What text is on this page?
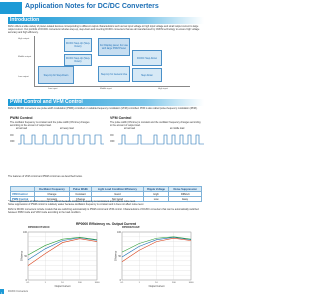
Application Notes for DC/DC Converters
Introduction
Rohm offers a wide variety of power-related devices corresponding to different output characteristics such as low input voltage to high input voltage and small output current to large output current. Our portfolio of DC/DC converters includes step-up, step-down and inverting DC/DC converters that are all manufactured by CMOS technology to ensure high voltage accuracy and high efficiency.
High output
Middle output
Low output
Low input	Middle input	High input
DC/DC Step-Up (Step-Down)	For Display panel, For use with large PWM Power
DC/DC Step-Up (Step-Down)
DC/DC Step-Down
Step-Up for Step-Down	Step-Up for General Use	Step-Down
PWM Control and VFM Control
Rohm's DC/DC converters use pulse-width modulation (PWM) controlled or variable-frequency modulation (VFM) controlled. PFM is also called pulse-frequency modulation (PFM).
PWM Control
The oscillator frequency is constant and the pulse width (ON time) changes according to the amount of output load.
VFM Control
The pulse width (ON time) is constant and the oscillator frequency changes according to the amount of output load.
at low load	at heavy load	at low load	at middle load
ON
OFF
ON
OFF
The features of VFM control and PWM control are as described below.
	Oscillator Frequency	Pulse Width	Light Load Condition Efficiency	Ripple Voltage	Noise Suppression
VFM Control	Change	Constant	Good	High	Difficult
PWM Control	Constant	Change	Not Good	Low	Easy
* Noise suppression of VFM control can be difficult because oscillation frequency is inconsistent and it affects noise level.
Noise suppression of PWM control is relatively easier because oscillation frequency is constant and it does not affect noise level.
Rohm's DC/DC converters include models that are switching automatically to PWM control and VFM control. Characteristics of DC/DC converters that can be automatically switched between PWM mode and VFM mode according to the load condition.
RP0000 Efficiency vs. Output Current
RP0000C0T4/XXC	RP0000Z31X/F
0
50
100
0.1	1	10	100	1000
Output Current
Efficiency
0
50
100
0.1	1	10	100	1000
Output Current
Efficiency
1
DC/DC Converters
